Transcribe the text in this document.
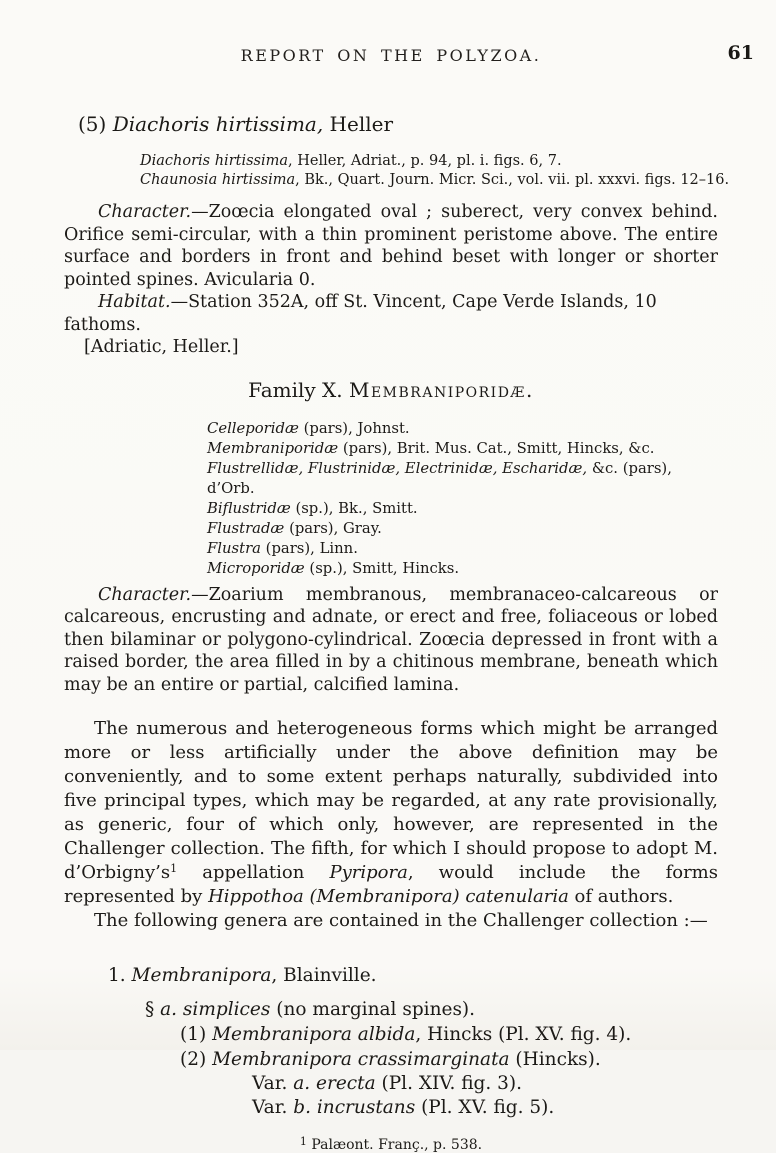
REPORT ON THE POLYZOA.	61
(5) Diachoris hirtissima, Heller
Diachoris hirtissima, Heller, Adriat., p. 94, pl. i. figs. 6, 7.
Chaunosia hirtissima, Bk., Quart. Journ. Micr. Sci., vol. vii. pl. xxxvi. figs. 12–16.

Character.—Zoœcia elongated oval ; suberect, very convex behind. Orifice semi-circular, with a thin prominent peristome above. The entire surface and borders in front and behind beset with longer or shorter pointed spines. Avicularia 0.

Habitat.—Station 352A, off St. Vincent, Cape Verde Islands, 10 fathoms.

[Adriatic, Heller.]

Family X. Membraniporidæ.
Celleporidæ (pars), Johnst.
Membraniporidæ (pars), Brit. Mus. Cat., Smitt, Hincks, &c.
Flustrellidæ, Flustrinidæ, Electrinidæ, Escharidæ, &c. (pars), d’Orb.
Biflustridæ (sp.), Bk., Smitt.
Flustradæ (pars), Gray.
Flustra (pars), Linn.
Microporidæ (sp.), Smitt, Hincks.

Character.—Zoarium membranous, membranaceo-calcareous or calcareous, encrusting and adnate, or erect and free, foliaceous or lobed then bilaminar or polygono-cylindrical. Zoœcia depressed in front with a raised border, the area filled in by a chitinous membrane, beneath which may be an entire or partial, calcified lamina.

The numerous and heterogeneous forms which might be arranged more or less artificially under the above definition may be conveniently, and to some extent perhaps naturally, subdivided into five principal types, which may be regarded, at any rate provisionally, as generic, four of which only, however, are represented in the Challenger collection. The fifth, for which I should propose to adopt M. d’Orbigny’s$^1$ appellation Pyripora, would include the forms represented by Hippothoa (Membranipora) catenularia of authors.

The following genera are contained in the Challenger collection :—

1. Membranipora, Blainville.
§ a. simplices (no marginal spines).
(1) Membranipora albida, Hincks (Pl. XV. fig. 4).
(2) Membranipora crassimarginata (Hincks).
Var. a. erecta (Pl. XIV. fig. 3).
Var. b. incrustans (Pl. XV. fig. 5).
$^1$ Palæont. Franç., p. 538.
